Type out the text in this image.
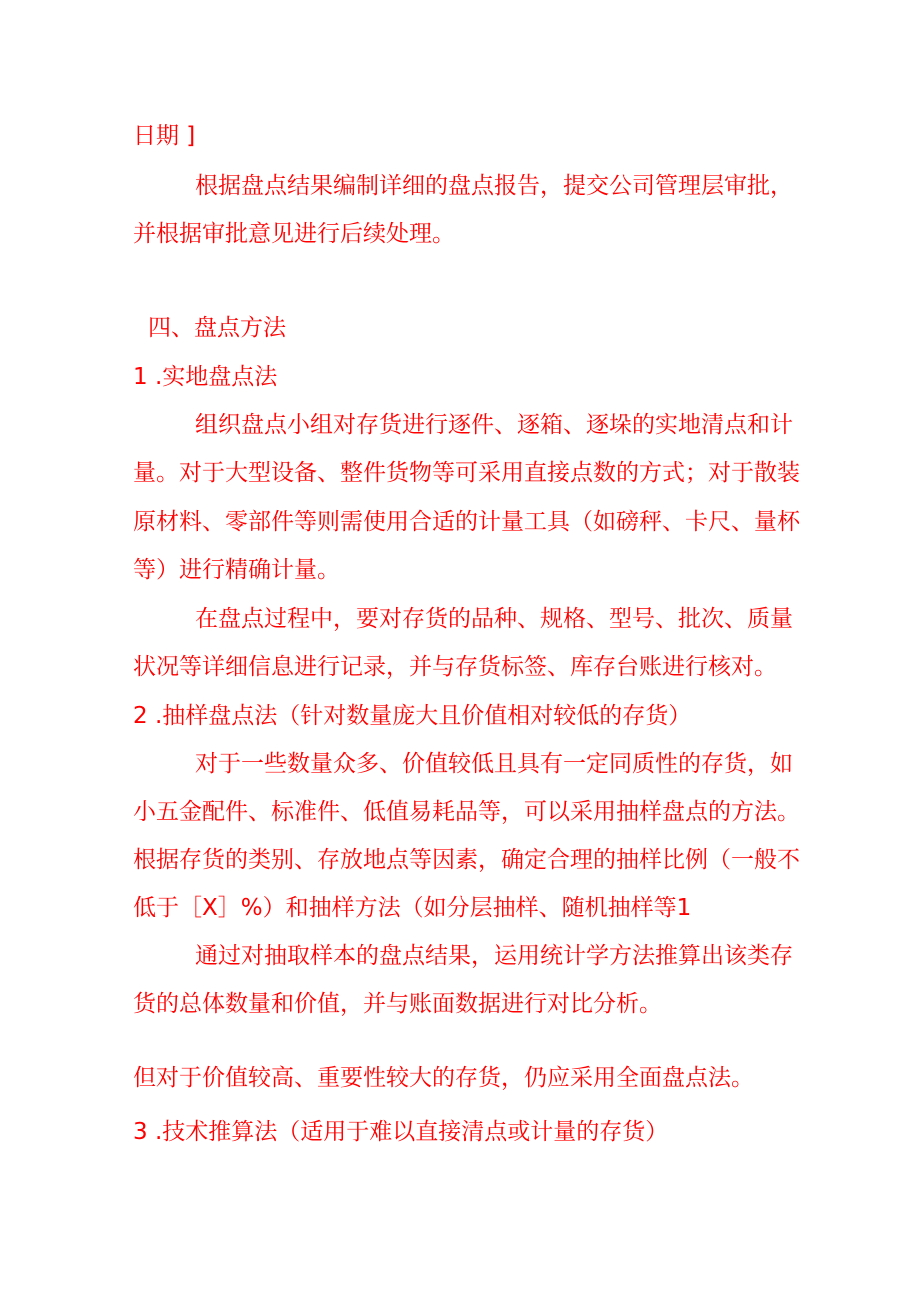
日期 ]

根据盘点结果编制详细的盘点报告，提交公司管理层审批，

并根据审批意见进行后续处理。

四、盘点方法

1 .实地盘点法

组织盘点小组对存货进行逐件、逐箱、逐垛的实地清点和计

量。对于大型设备、整件货物等可采用直接点数的方式；对于散装

原材料、零部件等则需使用合适的计量工具（如磅秤、卡尺、量杯

等）进行精确计量。

在盘点过程中，要对存货的品种、规格、型号、批次、质量

状况等详细信息进行记录，并与存货标签、库存台账进行核对。

2 .抽样盘点法（针对数量庞大且价值相对较低的存货）

对于一些数量众多、价值较低且具有一定同质性的存货，如

小五金配件、标准件、低值易耗品等，可以采用抽样盘点的方法。

根据存货的类别、存放地点等因素，确定合理的抽样比例（一般不

低于［X］%）和抽样方法（如分层抽样、随机抽样等1

通过对抽取样本的盘点结果，运用统计学方法推算出该类存

货的总体数量和价值，并与账面数据进行对比分析。

但对于价值较高、重要性较大的存货，仍应采用全面盘点法。

3 .技术推算法（适用于难以直接清点或计量的存货）
